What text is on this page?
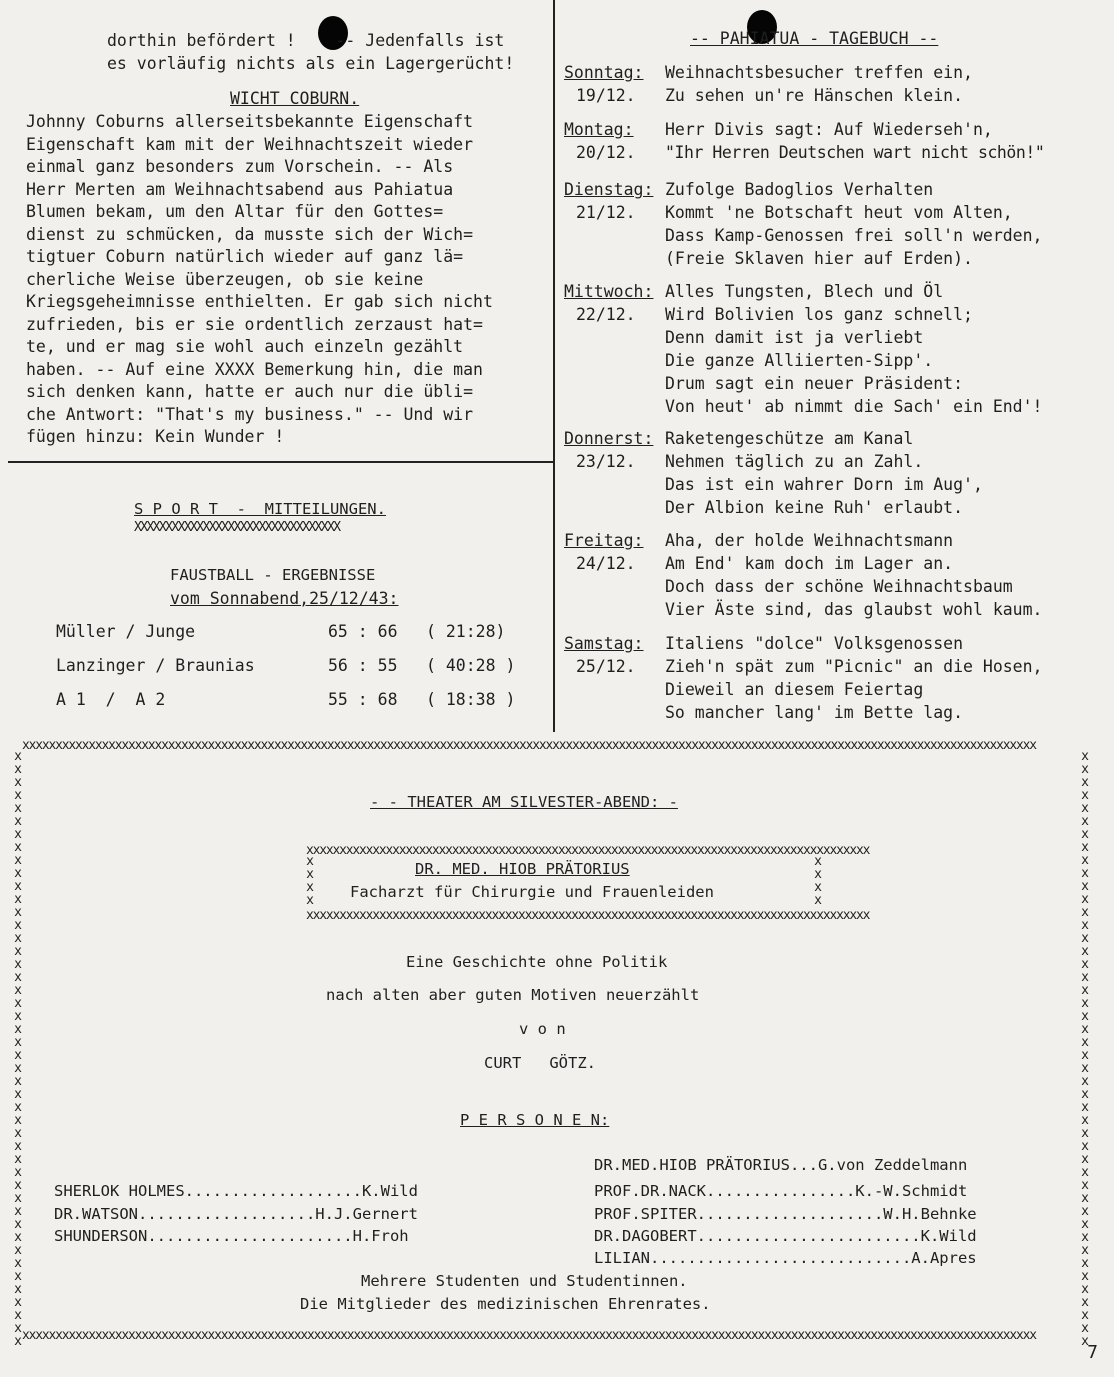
dorthin befördert !    -- Jedenfalls ist
es vorläufig nichts als ein Lagergerücht!
WICHT COBURN.
Johnny Coburns allerseitsbekannte Eigenschaft
Eigenschaft kam mit der Weihnachtszeit wieder
einmal ganz besonders zum Vorschein. -- Als
Herr Merten am Weihnachtsabend aus Pahiatua
Blumen bekam, um den Altar für den Gottes=
dienst zu schmücken, da musste sich der Wich=
tigtuer Coburn natürlich wieder auf ganz lä=
cherliche Weise überzeugen, ob sie keine
Kriegsgeheimnisse enthielten. Er gab sich nicht
zufrieden, bis er sie ordentlich zerzaust hat=
te, und er mag sie wohl auch einzeln gezählt
haben. -- Auf eine XXXX Bemerkung hin, die man
sich denken kann, hatte er auch nur die übli=
che Antwort: "That's my business." -- Und wir
fügen hinzu: Kein Wunder !
S P O R T  -  MITTEILUNGEN.
XXXXXXXXXXXXXXXXXXXXXXXXXXXXXXXXX
FAUSTBALL - ERGEBNISSE
vom Sonnabend,25/12/43:
Müller / Junge	65 : 66 ( 21:28)
Lanzinger / Braunias	56 : 55 ( 40:28 )
A 1  /  A 2	55 : 68 ( 18:38 )
-- PAHIATUA - TAGEBUCH --
Sonntag:
19/12.
Weihnachtsbesucher treffen ein,
Zu sehen un're Hänschen klein.
Montag:
20/12.
Herr Divis sagt: Auf Wiederseh'n,
"Ihr Herren Deutschen wart nicht schön!"
Dienstag:
21/12.
Zufolge Badoglios Verhalten
Kommt 'ne Botschaft heut vom Alten,
Dass Kamp-Genossen frei soll'n werden,
(Freie Sklaven hier auf Erden).
Mittwoch:
22/12.
Alles Tungsten, Blech und Öl
Wird Bolivien los ganz schnell;
Denn damit ist ja verliebt
Die ganze Alliierten-Sipp'.
Drum sagt ein neuer Präsident:
Von heut' ab nimmt die Sach' ein End'!
Donnerst:
23/12.
Raketengeschütze am Kanal
Nehmen täglich zu an Zahl.
Das ist ein wahrer Dorn im Aug',
Der Albion keine Ruh' erlaubt.
Freitag:
24/12.
Aha, der holde Weihnachtsmann
Am End' kam doch im Lager an.
Doch dass der schöne Weihnachtsbaum
Vier Äste sind, das glaubst wohl kaum.
Samstag:
25/12.
Italiens "dolce" Volksgenossen
Zieh'n spät zum "Picnic" an die Hosen,
Dieweil an diesem Feiertag
So mancher lang' im Bette lag.
xxxxxxxxxxxxxxxxxxxxxxxxxxxxxxxxxxxxxxxxxxxxxxxxxxxxxxxxxxxxxxxxxxxxxxxxxxxxxxxxxxxxxxxxxxxxxxxxxxxxxxxxxxxxxxxxxxxxxxxxxxxxxxxxxxxxxxxxxxxxxxxxxxxxxxxxx
xxxxxxxxxxxxxxxxxxxxxxxxxxxxxxxxxxxxxxxxxxxxxxxxxxxxxxxxxxxxxxxxxxxxxxxxxxxxxxxxxxxxxxxxxxxxxxxxxxxxxxxxxxxxxxxxxxxxxxxxxxxxxxxxxxxxxxxxxxxxxxxxxxxxxxxxx
x
x
x
x
x
x
x
x
x
x
x
x
x
x
x
x
x
x
x
x
x
x
x
x
x
x
x
x
x
x
x
x
x
x
x
x
x
x
x
x
x
x
x
x
x
x
x
x
x
x
x
x
x
x
x
x
x
x
x
x
x
x
x
x
x
x
x
x
x
x
x
x
x
x
x
x
x
x
x
x
x
x
x
x
x
x
x
x
x
x
x
x
- - THEATER AM SILVESTER-ABEND: -
xxxxxxxxxxxxxxxxxxxxxxxxxxxxxxxxxxxxxxxxxxxxxxxxxxxxxxxxxxxxxxxxxxxxxxxxxxxxxxxxxxxxx
xxxxxxxxxxxxxxxxxxxxxxxxxxxxxxxxxxxxxxxxxxxxxxxxxxxxxxxxxxxxxxxxxxxxxxxxxxxxxxxxxxxxx
x
x
x
x
x
x
x
x
DR. MED. HIOB PRÄTORIUS
Facharzt für Chirurgie und Frauenleiden
Eine Geschichte ohne Politik
nach alten aber guten Motiven neuerzählt
v o n
CURT   GÖTZ.
P E R S O N E N:
SHERLOK HOLMES...................K.Wild
DR.WATSON...................H.J.Gernert
SHUNDERSON......................H.Froh
DR.MED.HIOB PRÄTORIUS...G.von Zeddelmann
PROF.DR.NACK................K.-W.Schmidt
PROF.SPITER....................W.H.Behnke
DR.DAGOBERT........................K.Wild
LILIAN............................A.Apres
Mehrere Studenten und Studentinnen.
Die Mitglieder des medizinischen Ehrenrates.
7
